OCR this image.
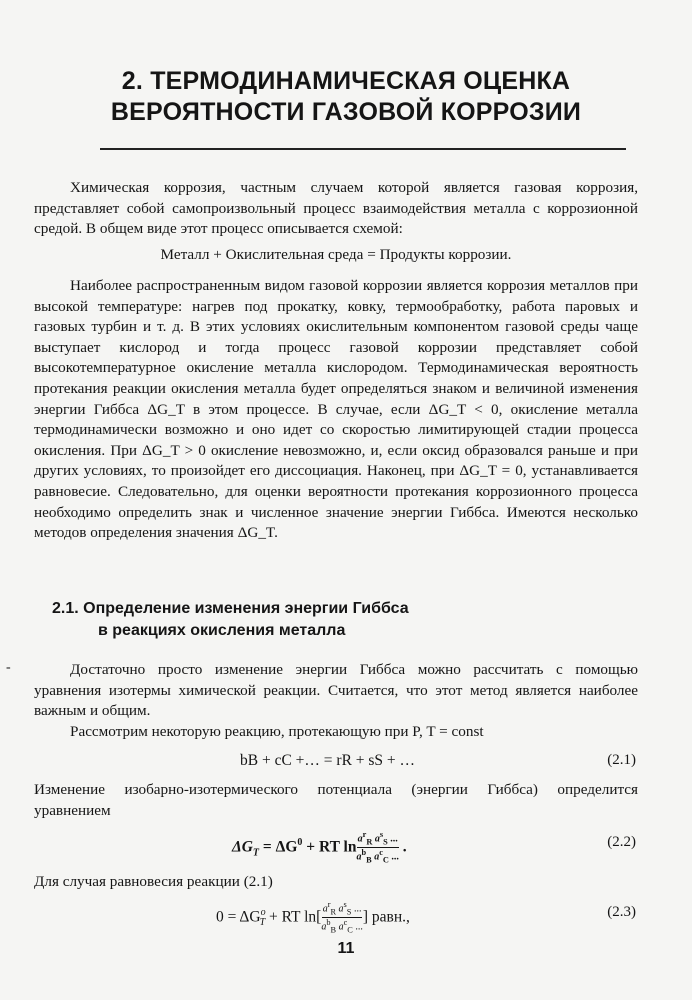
2. ТЕРМОДИНАМИЧЕСКАЯ ОЦЕНКА
ВЕРОЯТНОСТИ ГАЗОВОЙ КОРРОЗИИ
Химическая коррозия, частным случаем которой является газовая коррозия, представляет собой самопроизвольный процесс взаимодействия металла с коррозионной средой. В общем виде этот процесс описывается схемой:
Металл + Окислительная среда = Продукты коррозии.
Наиболее распространенным видом газовой коррозии является коррозия металлов при высокой температуре: нагрев под прокатку, ковку, термообработку, работа паровых и газовых турбин и т. д. В этих условиях окислительным компонентом газовой среды чаще выступает кислород и тогда процесс газовой коррозии представляет собой высокотемпературное окисление металла кислородом. Термодинамическая вероятность протекания реакции окисления металла будет определяться знаком и величиной изменения энергии Гиббса ΔG_T в этом процессе. В случае, если ΔG_T < 0, окисление металла термодинамически возможно и оно идет со скоростью лимитирующей стадии процесса окисления. При ΔG_T > 0 окисление невозможно, и, если оксид образовался раньше и при других условиях, то произойдет его диссоциация. Наконец, при ΔG_T = 0, устанавливается равновесие. Следовательно, для оценки вероятности протекания коррозионного процесса необходимо определить знак и численное значение энергии Гиббса. Имеются несколько методов определения значения ΔG_T.
2.1. Определение изменения энергии Гиббса
в реакциях окисления металла
-	Достаточно просто изменение энергии Гиббса можно рассчитать с помощью уравнения изотермы химической реакции. Считается, что этот метод является наиболее важным и общим.
Рассмотрим некоторую реакцию, протекающую при P, T = const
bB + cC +… = rR + sS + …	(2.1)
Изменение изобарно-изотермического потенциала (энергии Гиббса) определится уравнением
$\Delta G_T = \Delta G^0$ + RT $\ln \frac{a^r_R a^s_S ...}{a^b_B a^c_C ...}$ .	(2.2)
Для случая равновесия реакции (2.1)
$0 = \Delta G^o_T$ + RT $\ln[ \frac{a^r_R a^s_S ...}{a^b_B a^c_C ...}$ ] равн.,	(2.3)
11
